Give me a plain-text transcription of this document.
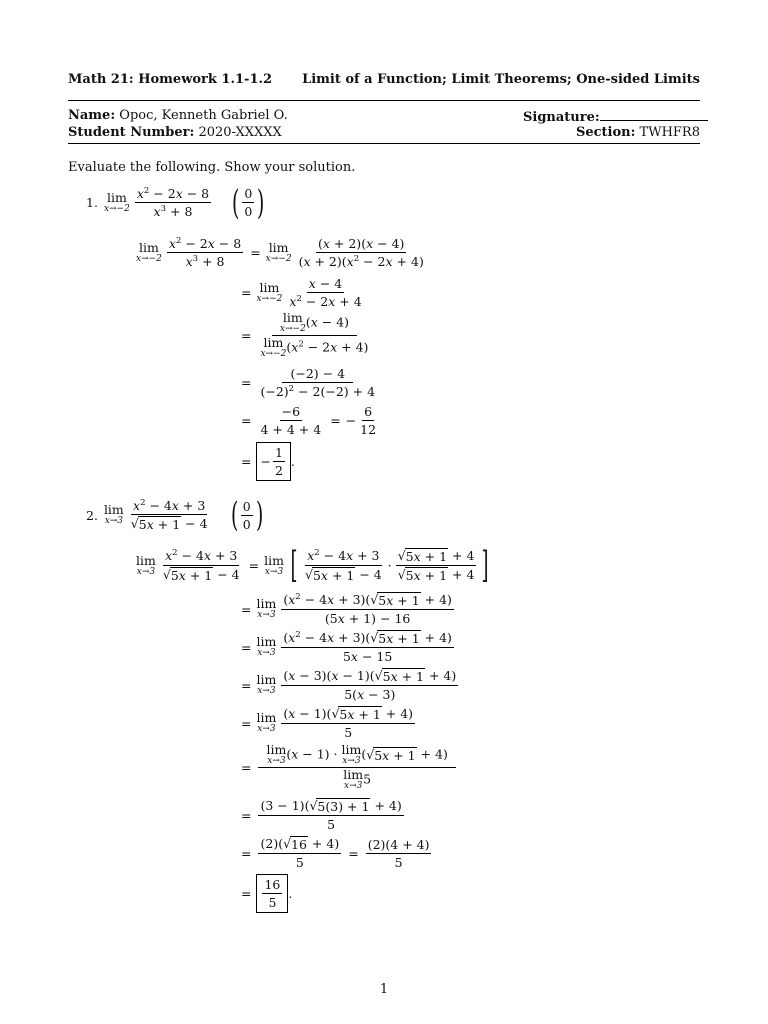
Math 21: Homework 1.1-1.2 Limit of a Function; Limit Theorems; One-sided Limits
Name: Opoc, Kenneth Gabriel O.
Student Number: 2020-XXXXX
Signature:
Section: TWHFR8
Evaluate the following. Show your solution.
1. lim
x→−2
$x^2 - 2x - 8$
$x^3 + 8$ ( 0
0 )
lim
$x\to-2 \frac{x^2 - 2x - 8}{x^3 + 8} = \lim$
x→−2
(x + 2)(x − 4)
$(x + 2)(x^2 - 2x + 4)$
= lim
x→−2
x − 4
$x^2 - 2x + 4$
= lim
x→−2 (x − 4)
lim
x→−2 $(x^2 - 2x + 4)$
= $\frac{(-2) - 4}{(-2)^2 - 2(-2) + 4}$
= $\frac{-6}{4 + 4 + 4}$ = − $\frac{6}{12}$
= −
1
2
.
2. lim
x→3
$x^2 - 4x + 3$
√ 5x + 1 − 4 ( 0
0 )
lim
$x\to 3 \frac{x^2 - 4x + 3}{√ 5x + 1 - 4} = \lim$
x→3 [ $x^2 - 4x + 3$
√ 5x + 1 − 4
·
√ 5x + 1 + 4
√ 5x + 1 + 4 ]
= lim
x→3
$(x^2 - 4x + 3)$( √ 5x + 1 + 4)
(5x + 1) − 16
= lim
x→3
$(x^2 - 4x + 3)$( √ 5x + 1 + 4)
5x − 15
= lim
x→3
(x − 3)(x − 1)( √ 5x + 1 + 4)
5(x − 3)
= lim
x→3
(x − 1)( √ 5x + 1 + 4)
5
= lim
x→3 (x − 1) · lim
x→3 ( √ 5x + 1 + 4)
lim
x→3 5
= $\frac{(3 - 1)( √ 5(3) + 1 + 4)}{5}$
= $\frac{(2)( √ 16 + 4)}{5} = \frac{(2)(4 + 4)}{5}$
=
16
5
.
1
